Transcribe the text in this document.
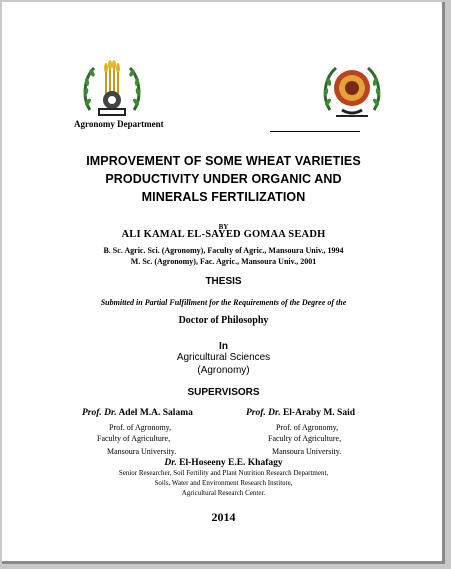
Agronomy Department
IMPROVEMENT OF SOME WHEAT VARIETIES
PRODUCTIVITY UNDER ORGANIC AND
MINERALS FERTILIZATION
BY
ALI KAMAL EL-SAYED GOMAA SEADH
B. Sc. Agric. Sci. (Agronomy), Faculty of Agric., Mansoura Univ., 1994
M. Sc. (Agronomy), Fac. Agric., Mansoura Univ., 2001
THESIS
Submitted in Partial Fulfillment for the Requirements of the Degree of the
Doctor of Philosophy
In
Agricultural Sciences
(Agronomy)
SUPERVISORS
Prof. Dr. Adel M.A. Salama
Prof. of Agronomy,
Faculty of Agriculture,
Mansoura University.
Prof. Dr. El-Araby M. Said
Prof. of Agronomy,
Faculty of Agriculture,
Mansoura University.
Dr. El-Hoseeny E.E. Khafagy
Senior Researcher, Soil Fertility and Plant Nutrition Research Department,
Soils, Water and Environment Research Institute,
Agricultural Research Center.
2014
